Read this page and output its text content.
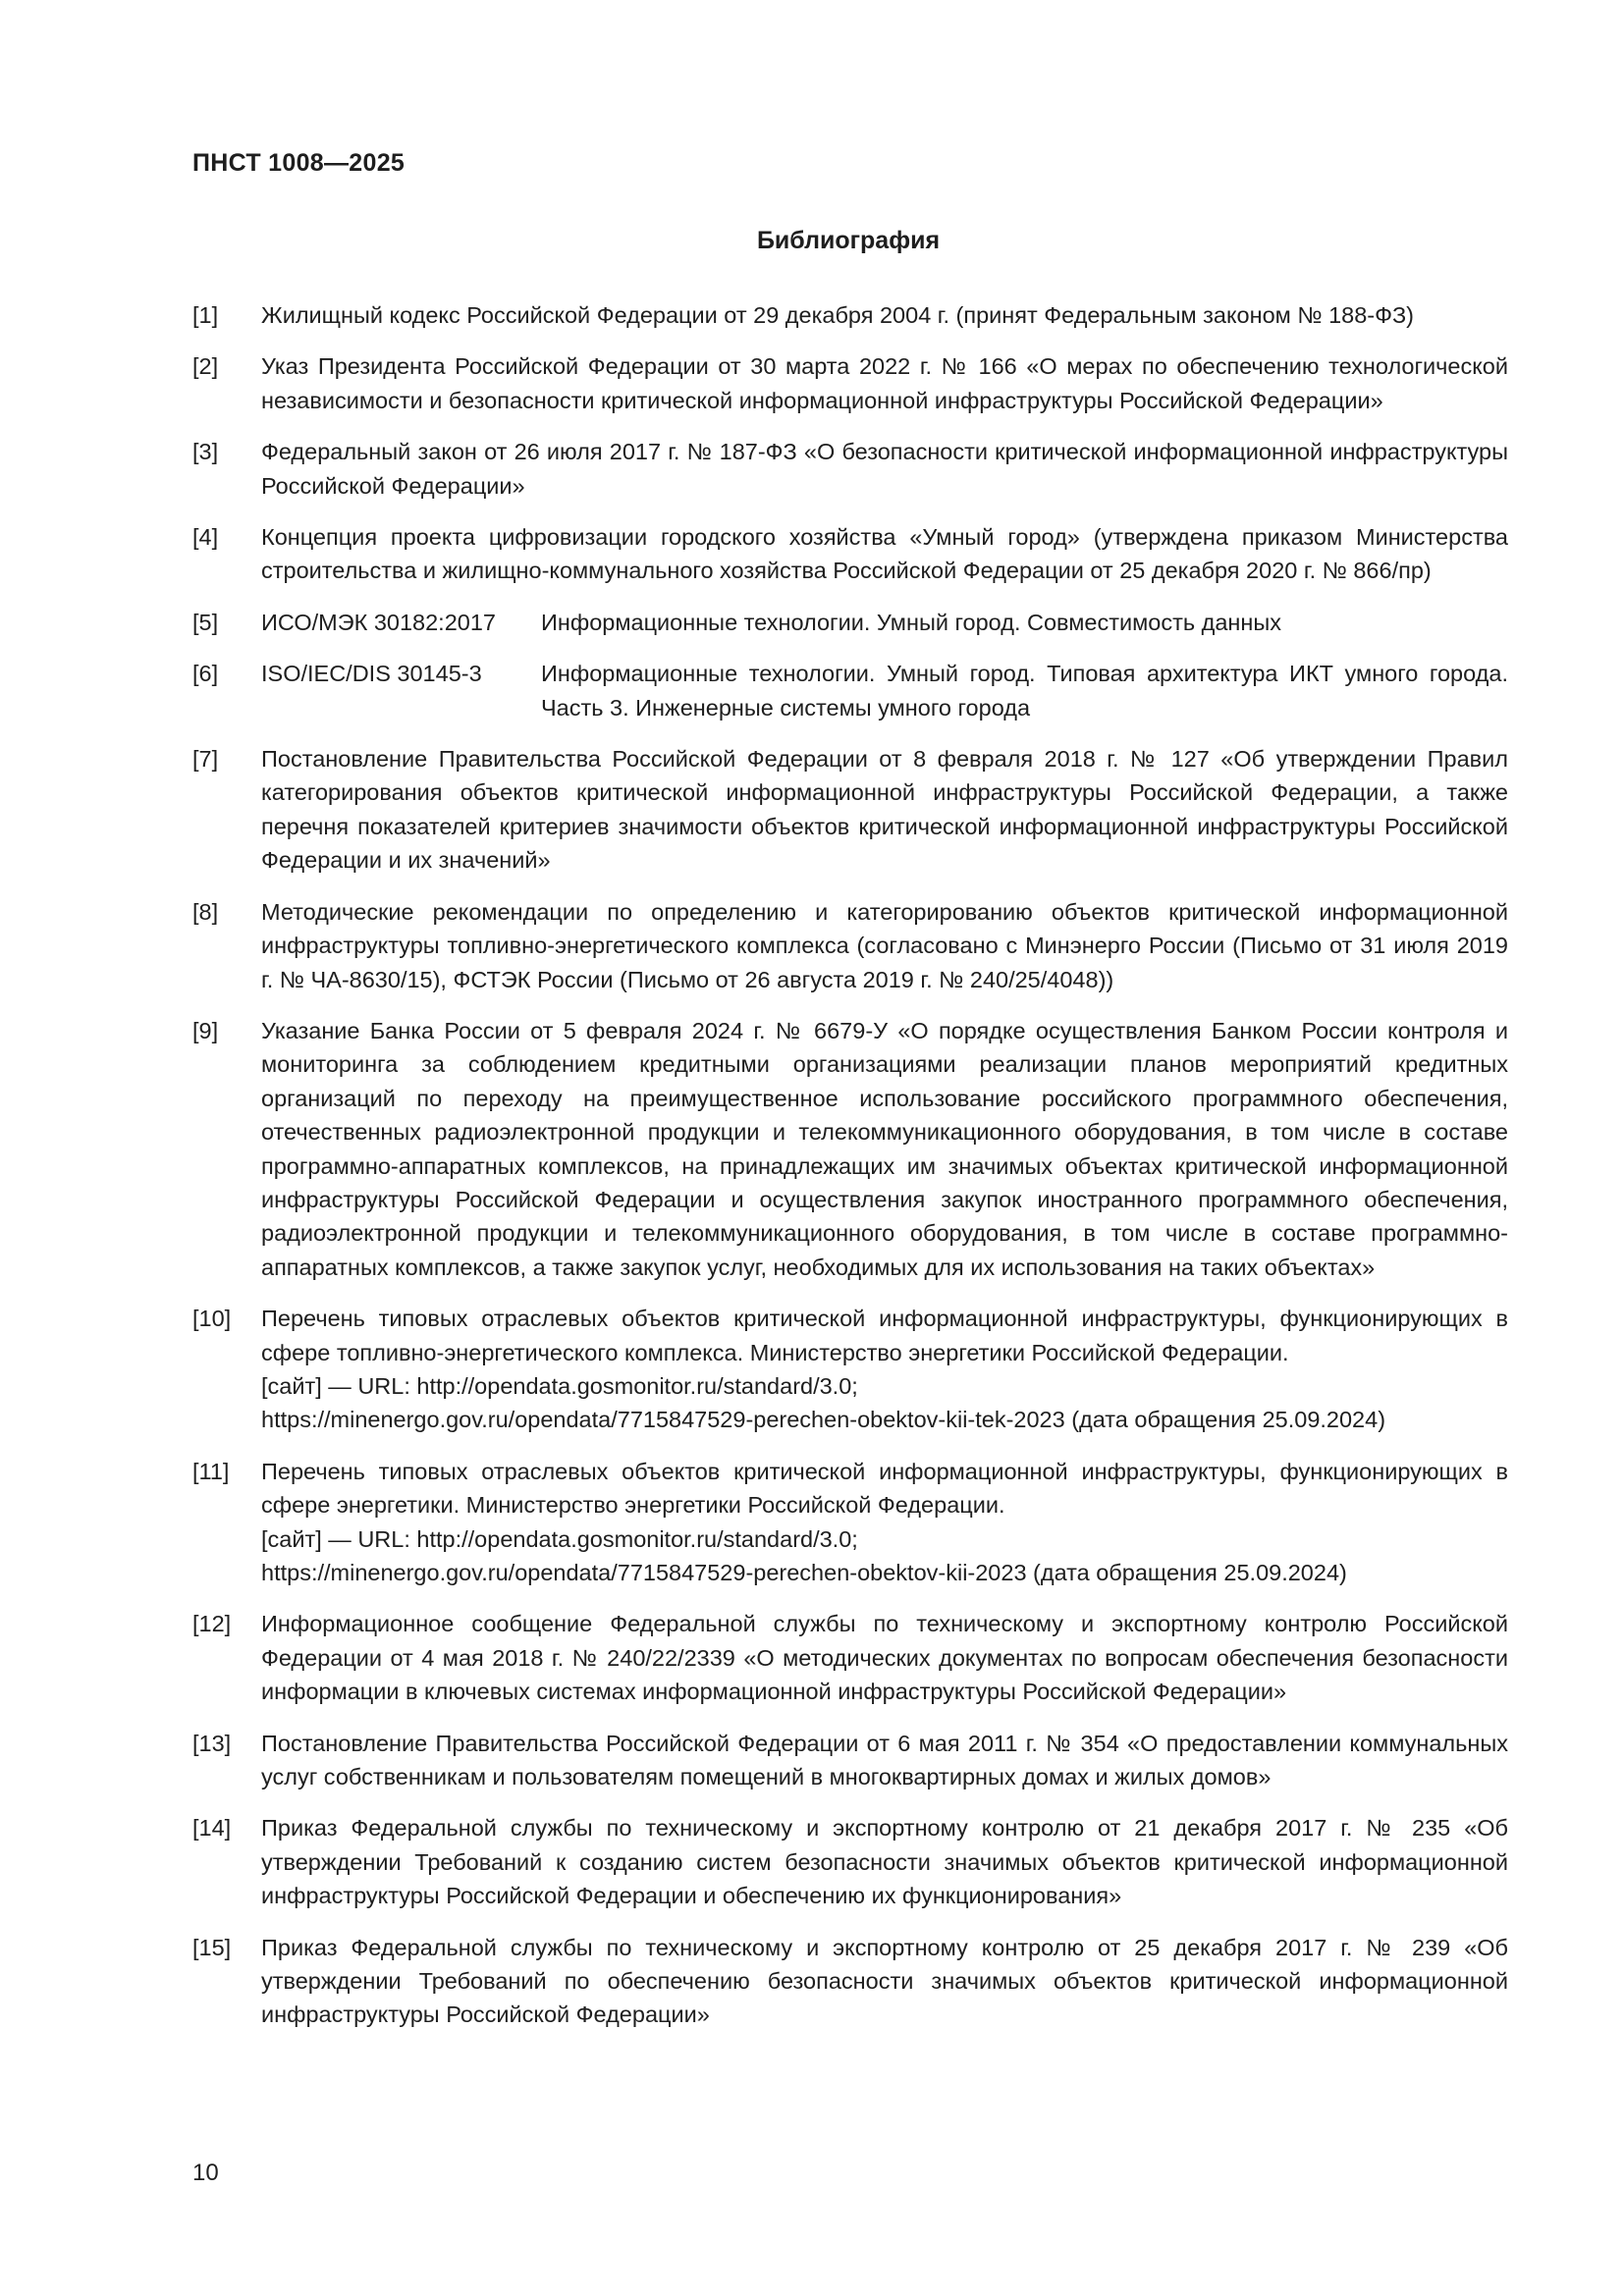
ПНСТ 1008—2025
Библиография
[1]	Жилищный кодекс Российской Федерации от 29 декабря 2004 г. (принят Федеральным законом № 188-ФЗ)
[2]	Указ Президента Российской Федерации от 30 марта 2022 г. № 166 «О мерах по обеспечению технологической независимости и безопасности критической информационной инфраструктуры Российской Федерации»
[3]	Федеральный закон от 26 июля 2017 г. № 187-ФЗ «О безопасности критической информационной инфраструктуры Российской Федерации»
[4]	Концепция проекта цифровизации городского хозяйства «Умный город» (утверждена приказом Министерства строительства и жилищно-коммунального хозяйства Российской Федерации от 25 декабря 2020 г. № 866/пр)
[5]	ИСО/МЭК 30182:2017	Информационные технологии. Умный город. Совместимость данных
[6]	ISO/IEC/DIS 30145-3	Информационные технологии. Умный город. Типовая архитектура ИКТ умного города. Часть 3. Инженерные системы умного города
[7]	Постановление Правительства Российской Федерации от 8 февраля 2018 г. № 127 «Об утверждении Правил категорирования объектов критической информационной инфраструктуры Российской Федерации, а также перечня показателей критериев значимости объектов критической информационной инфраструктуры Российской Федерации и их значений»
[8]	Методические рекомендации по определению и категорированию объектов критической информационной инфраструктуры топливно-энергетического комплекса (согласовано с Минэнерго России (Письмо от 31 июля 2019 г. № ЧА-8630/15), ФСТЭК России (Письмо от 26 августа 2019 г. № 240/25/4048))
[9]	Указание Банка России от 5 февраля 2024 г. № 6679-У «О порядке осуществления Банком России контроля и мониторинга за соблюдением кредитными организациями реализации планов мероприятий кредитных организаций по переходу на преимущественное использование российского программного обеспечения, отечественных радиоэлектронной продукции и телекоммуникационного оборудования, в том числе в составе программно-аппаратных комплексов, на принадлежащих им значимых объектах критической информационной инфраструктуры Российской Федерации и осуществления закупок иностранного программного обеспечения, радиоэлектронной продукции и телекоммуникационного оборудования, в том числе в составе программно-аппаратных комплексов, а также закупок услуг, необходимых для их использования на таких объектах»
[10]	Перечень типовых отраслевых объектов критической информационной инфраструктуры, функционирующих в сфере топливно-энергетического комплекса. Министерство энергетики Российской Федерации.
[сайт] — URL: http://opendata.gosmonitor.ru/standard/3.0;
https://minenergo.gov.ru/opendata/7715847529-perechen-obektov-kii-tek-2023 (дата обращения 25.09.2024)
[11]	Перечень типовых отраслевых объектов критической информационной инфраструктуры, функционирующих в сфере энергетики. Министерство энергетики Российской Федерации.
[сайт] — URL: http://opendata.gosmonitor.ru/standard/3.0;
https://minenergo.gov.ru/opendata/7715847529-perechen-obektov-kii-2023 (дата обращения 25.09.2024)
[12]	Информационное сообщение Федеральной службы по техническому и экспортному контролю Российской Федерации от 4 мая 2018 г. № 240/22/2339 «О методических документах по вопросам обеспечения безопасности информации в ключевых системах информационной инфраструктуры Российской Федерации»
[13]	Постановление Правительства Российской Федерации от 6 мая 2011 г. № 354 «О предоставлении коммунальных услуг собственникам и пользователям помещений в многоквартирных домах и жилых домов»
[14]	Приказ Федеральной службы по техническому и экспортному контролю от 21 декабря 2017 г. № 235 «Об утверждении Требований к созданию систем безопасности значимых объектов критической информационной инфраструктуры Российской Федерации и обеспечению их функционирования»
[15]	Приказ Федеральной службы по техническому и экспортному контролю от 25 декабря 2017 г. № 239 «Об утверждении Требований по обеспечению безопасности значимых объектов критической информационной инфраструктуры Российской Федерации»
10
